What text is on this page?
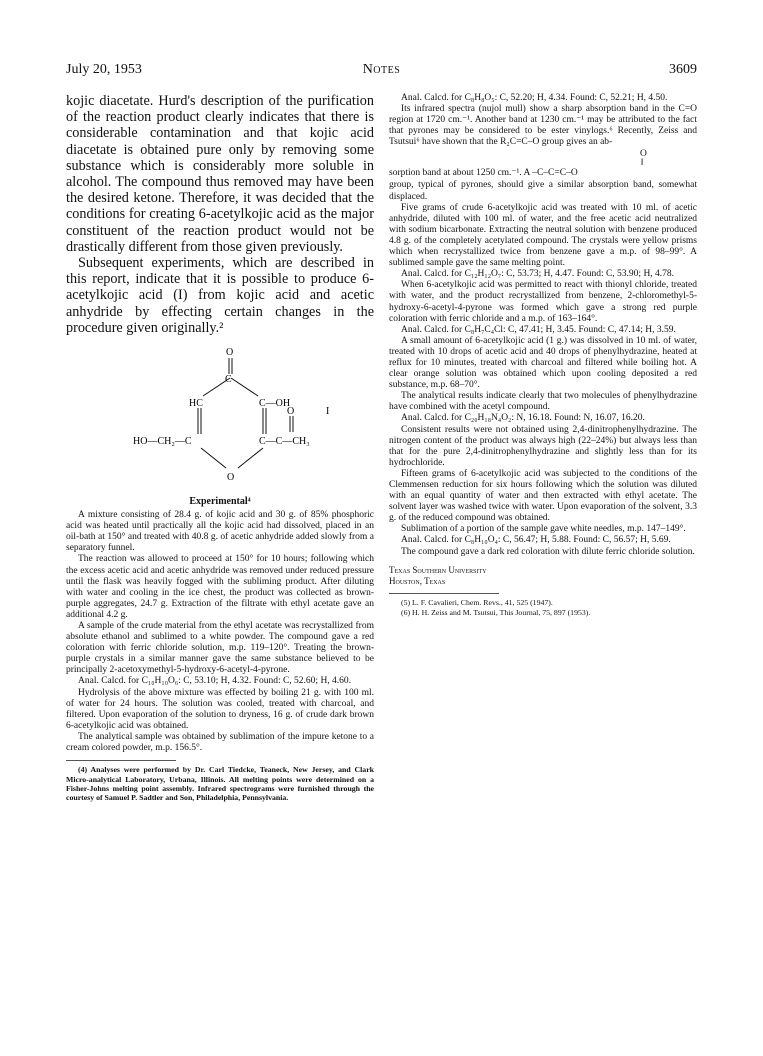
July 20, 1953	Notes	3609

kojic diacetate. Hurd's description of the purification of the reaction product clearly indicates that there is considerable contamination and that kojic acid diacetate is obtained pure only by removing some substance which is considerably more soluble in alcohol. The compound thus removed may have been the desired ketone. Therefore, it was decided that the conditions for creating 6-acetylkojic acid as the major constituent of the reaction product would not be drastically different from those given previously.

Subsequent experiments, which are described in this report, indicate that it is possible to produce 6-acetylkojic acid (I) from kojic acid and acetic anhydride by effecting certain changes in the procedure given originally.²

O
C
HC	C—OH
O	I
HO—CH₂—C	C—C—CH₃
O
Experimental⁴

A mixture consisting of 28.4 g. of kojic acid and 30 g. of 85% phosphoric acid was heated until practically all the kojic acid had dissolved, placed in an oil-bath at 150° and treated with 40.8 g. of acetic anhydride added slowly from a separatory funnel.

The reaction was allowed to proceed at 150° for 10 hours; following which the excess acetic acid and acetic anhydride was removed under reduced pressure until the flask was heavily fogged with the subliming product. After diluting with water and cooling in the ice chest, the product was collected as brown-purple aggregates, 24.7 g. Extraction of the filtrate with ethyl acetate gave an additional 4.2 g.

A sample of the crude material from the ethyl acetate was recrystallized from absolute ethanol and sublimed to a white powder. The compound gave a red coloration with ferric chloride solution, m.p. 119–120°. Treating the brown-purple crystals in a similar manner gave the same substance believed to be principally 2-acetoxymethyl-5-hydroxy-6-acetyl-4-pyrone.

Anal. Calcd. for C₁₀H₁₀O₆: C, 53.10; H, 4.32. Found: C, 52.60; H, 4.60.

Hydrolysis of the above mixture was effected by boiling 21 g. with 100 ml. of water for 24 hours. The solution was cooled, treated with charcoal, and filtered. Upon evaporation of the solution to dryness, 16 g. of crude dark brown 6-acetylkojic acid was obtained.

The analytical sample was obtained by sublimation of the impure ketone to a cream colored powder, m.p. 156.5°.

(4) Analyses were performed by Dr. Carl Tiedcke, Teaneck, New Jersey, and Clark Micro-analytical Laboratory, Urbana, Illinois. All melting points were determined on a Fisher-Johns melting point assembly. Infrared spectrograms were furnished through the courtesy of Samuel P. Sadtler and Son, Philadelphia, Pennsylvania.

Anal. Calcd. for C₈H₈O₅: C, 52.20; H, 4.34. Found: C, 52.21; H, 4.50.

Its infrared spectra (nujol mull) show a sharp absorption band in the C=O region at 1720 cm.⁻¹. Another band at 1230 cm.⁻¹ may be attributed to the fact that pyrones may be considered to be ester vinylogs.⁶ Recently, Zeiss and Tsutsui⁶ have shown that the R₂C=C–O group gives an ab-

O
‖
sorption band at about 1250 cm.⁻¹. A –C–C=C–O

group, typical of pyrones, should give a similar absorption band, somewhat displaced.

Five grams of crude 6-acetylkojic acid was treated with 10 ml. of acetic anhydride, diluted with 100 ml. of water, and the free acetic acid neutralized with sodium bicarbonate. Extracting the neutral solution with benzene produced 4.8 g. of the completely acetylated compound. The crystals were yellow prisms which when recrystallized twice from benzene gave a m.p. of 98–99°. A sublimed sample gave the same melting point.

Anal. Calcd. for C₁₂H₁₂O₇: C, 53.73; H, 4.47. Found: C, 53.90; H, 4.78.

When 6-acetylkojic acid was permitted to react with thionyl chloride, treated with water, and the product recrystallized from benzene, 2-chloromethyl-5-hydroxy-6-acetyl-4-pyrone was formed which gave a strong red purple coloration with ferric chloride and a m.p. of 163–164°.

Anal. Calcd. for C₈H₇C₄Cl: C, 47.41; H, 3.45. Found: C, 47.14; H, 3.59.

A small amount of 6-acetylkojic acid (1 g.) was dissolved in 10 ml. of water, treated with 10 drops of acetic acid and 40 drops of phenylhydrazine, heated at reflux for 10 minutes, treated with charcoal and filtered while boiling hot. A clear orange solution was obtained which upon cooling deposited a red substance, m.p. 68–70°.

The analytical results indicate clearly that two molecules of phenylhydrazine have combined with the acetyl compound.

Anal. Calcd. for C₂₀H₁₈N₄O₂: N, 16.18. Found: N, 16.07, 16.20.

Consistent results were not obtained using 2,4-dinitrophenylhydrazine. The nitrogen content of the product was always high (22–24%) but always less than that for the pure 2,4-dinitrophenylhydrazine and slightly less than for its hydrochloride.

Fifteen grams of 6-acetylkojic acid was subjected to the conditions of the Clemmensen reduction for six hours following which the solution was diluted with an equal quantity of water and then extracted with ethyl acetate. The solvent layer was washed twice with water. Upon evaporation of the solvent, 3.3 g. of the reduced compound was obtained.

Sublimation of a portion of the sample gave white needles, m.p. 147–149°.

Anal. Calcd. for C₈H₁₀O₄: C, 56.47; H, 5.88. Found: C, 56.57; H, 5.69.

The compound gave a dark red coloration with dilute ferric chloride solution.

Texas Southern University
Houston, Texas
(5) L. F. Cavalieri, Chem. Revs., 41, 525 (1947).
(6) H. H. Zeiss and M. Tsutsui, This Journal, 75, 897 (1953).
